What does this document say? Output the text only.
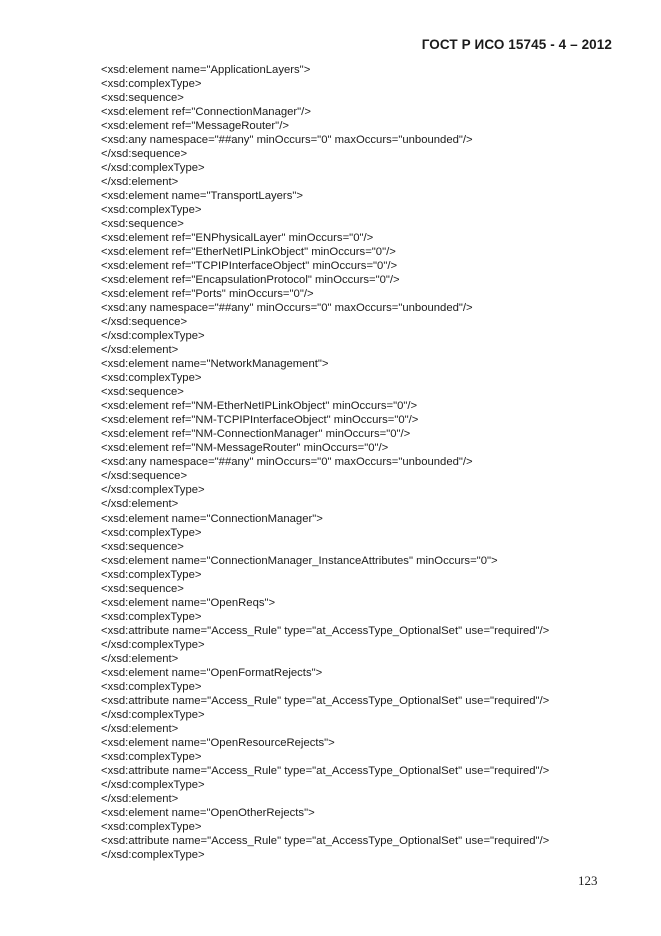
ГОСТ Р ИСО 15745 - 4 – 2012
<xsd:element name="ApplicationLayers">
<xsd:complexType>
<xsd:sequence>
<xsd:element ref="ConnectionManager"/>
<xsd:element ref="MessageRouter"/>
<xsd:any namespace="##any" minOccurs="0" maxOccurs="unbounded"/>
</xsd:sequence>
</xsd:complexType>
</xsd:element>
<xsd:element name="TransportLayers">
<xsd:complexType>
<xsd:sequence>
<xsd:element ref="ENPhysicalLayer" minOccurs="0"/>
<xsd:element ref="EtherNetIPLinkObject" minOccurs="0"/>
<xsd:element ref="TCPIPInterfaceObject" minOccurs="0"/>
<xsd:element ref="EncapsulationProtocol" minOccurs="0"/>
<xsd:element ref="Ports" minOccurs="0"/>
<xsd:any namespace="##any" minOccurs="0" maxOccurs="unbounded"/>
</xsd:sequence>
</xsd:complexType>
</xsd:element>
<xsd:element name="NetworkManagement">
<xsd:complexType>
<xsd:sequence>
<xsd:element ref="NM-EtherNetIPLinkObject" minOccurs="0"/>
<xsd:element ref="NM-TCPIPInterfaceObject" minOccurs="0"/>
<xsd:element ref="NM-ConnectionManager" minOccurs="0"/>
<xsd:element ref="NM-MessageRouter" minOccurs="0"/>
<xsd:any namespace="##any" minOccurs="0" maxOccurs="unbounded"/>
</xsd:sequence>
</xsd:complexType>
</xsd:element>
<xsd:element name="ConnectionManager">
<xsd:complexType>
<xsd:sequence>
<xsd:element name="ConnectionManager_InstanceAttributes" minOccurs="0">
<xsd:complexType>
<xsd:sequence>
<xsd:element name="OpenReqs">
<xsd:complexType>
<xsd:attribute name="Access_Rule" type="at_AccessType_OptionalSet" use="required"/>
</xsd:complexType>
</xsd:element>
<xsd:element name="OpenFormatRejects">
<xsd:complexType>
<xsd:attribute name="Access_Rule" type="at_AccessType_OptionalSet" use="required"/>
</xsd:complexType>
</xsd:element>
<xsd:element name="OpenResourceRejects">
<xsd:complexType>
<xsd:attribute name="Access_Rule" type="at_AccessType_OptionalSet" use="required"/>
</xsd:complexType>
</xsd:element>
<xsd:element name="OpenOtherRejects">
<xsd:complexType>
<xsd:attribute name="Access_Rule" type="at_AccessType_OptionalSet" use="required"/>
</xsd:complexType>
123
